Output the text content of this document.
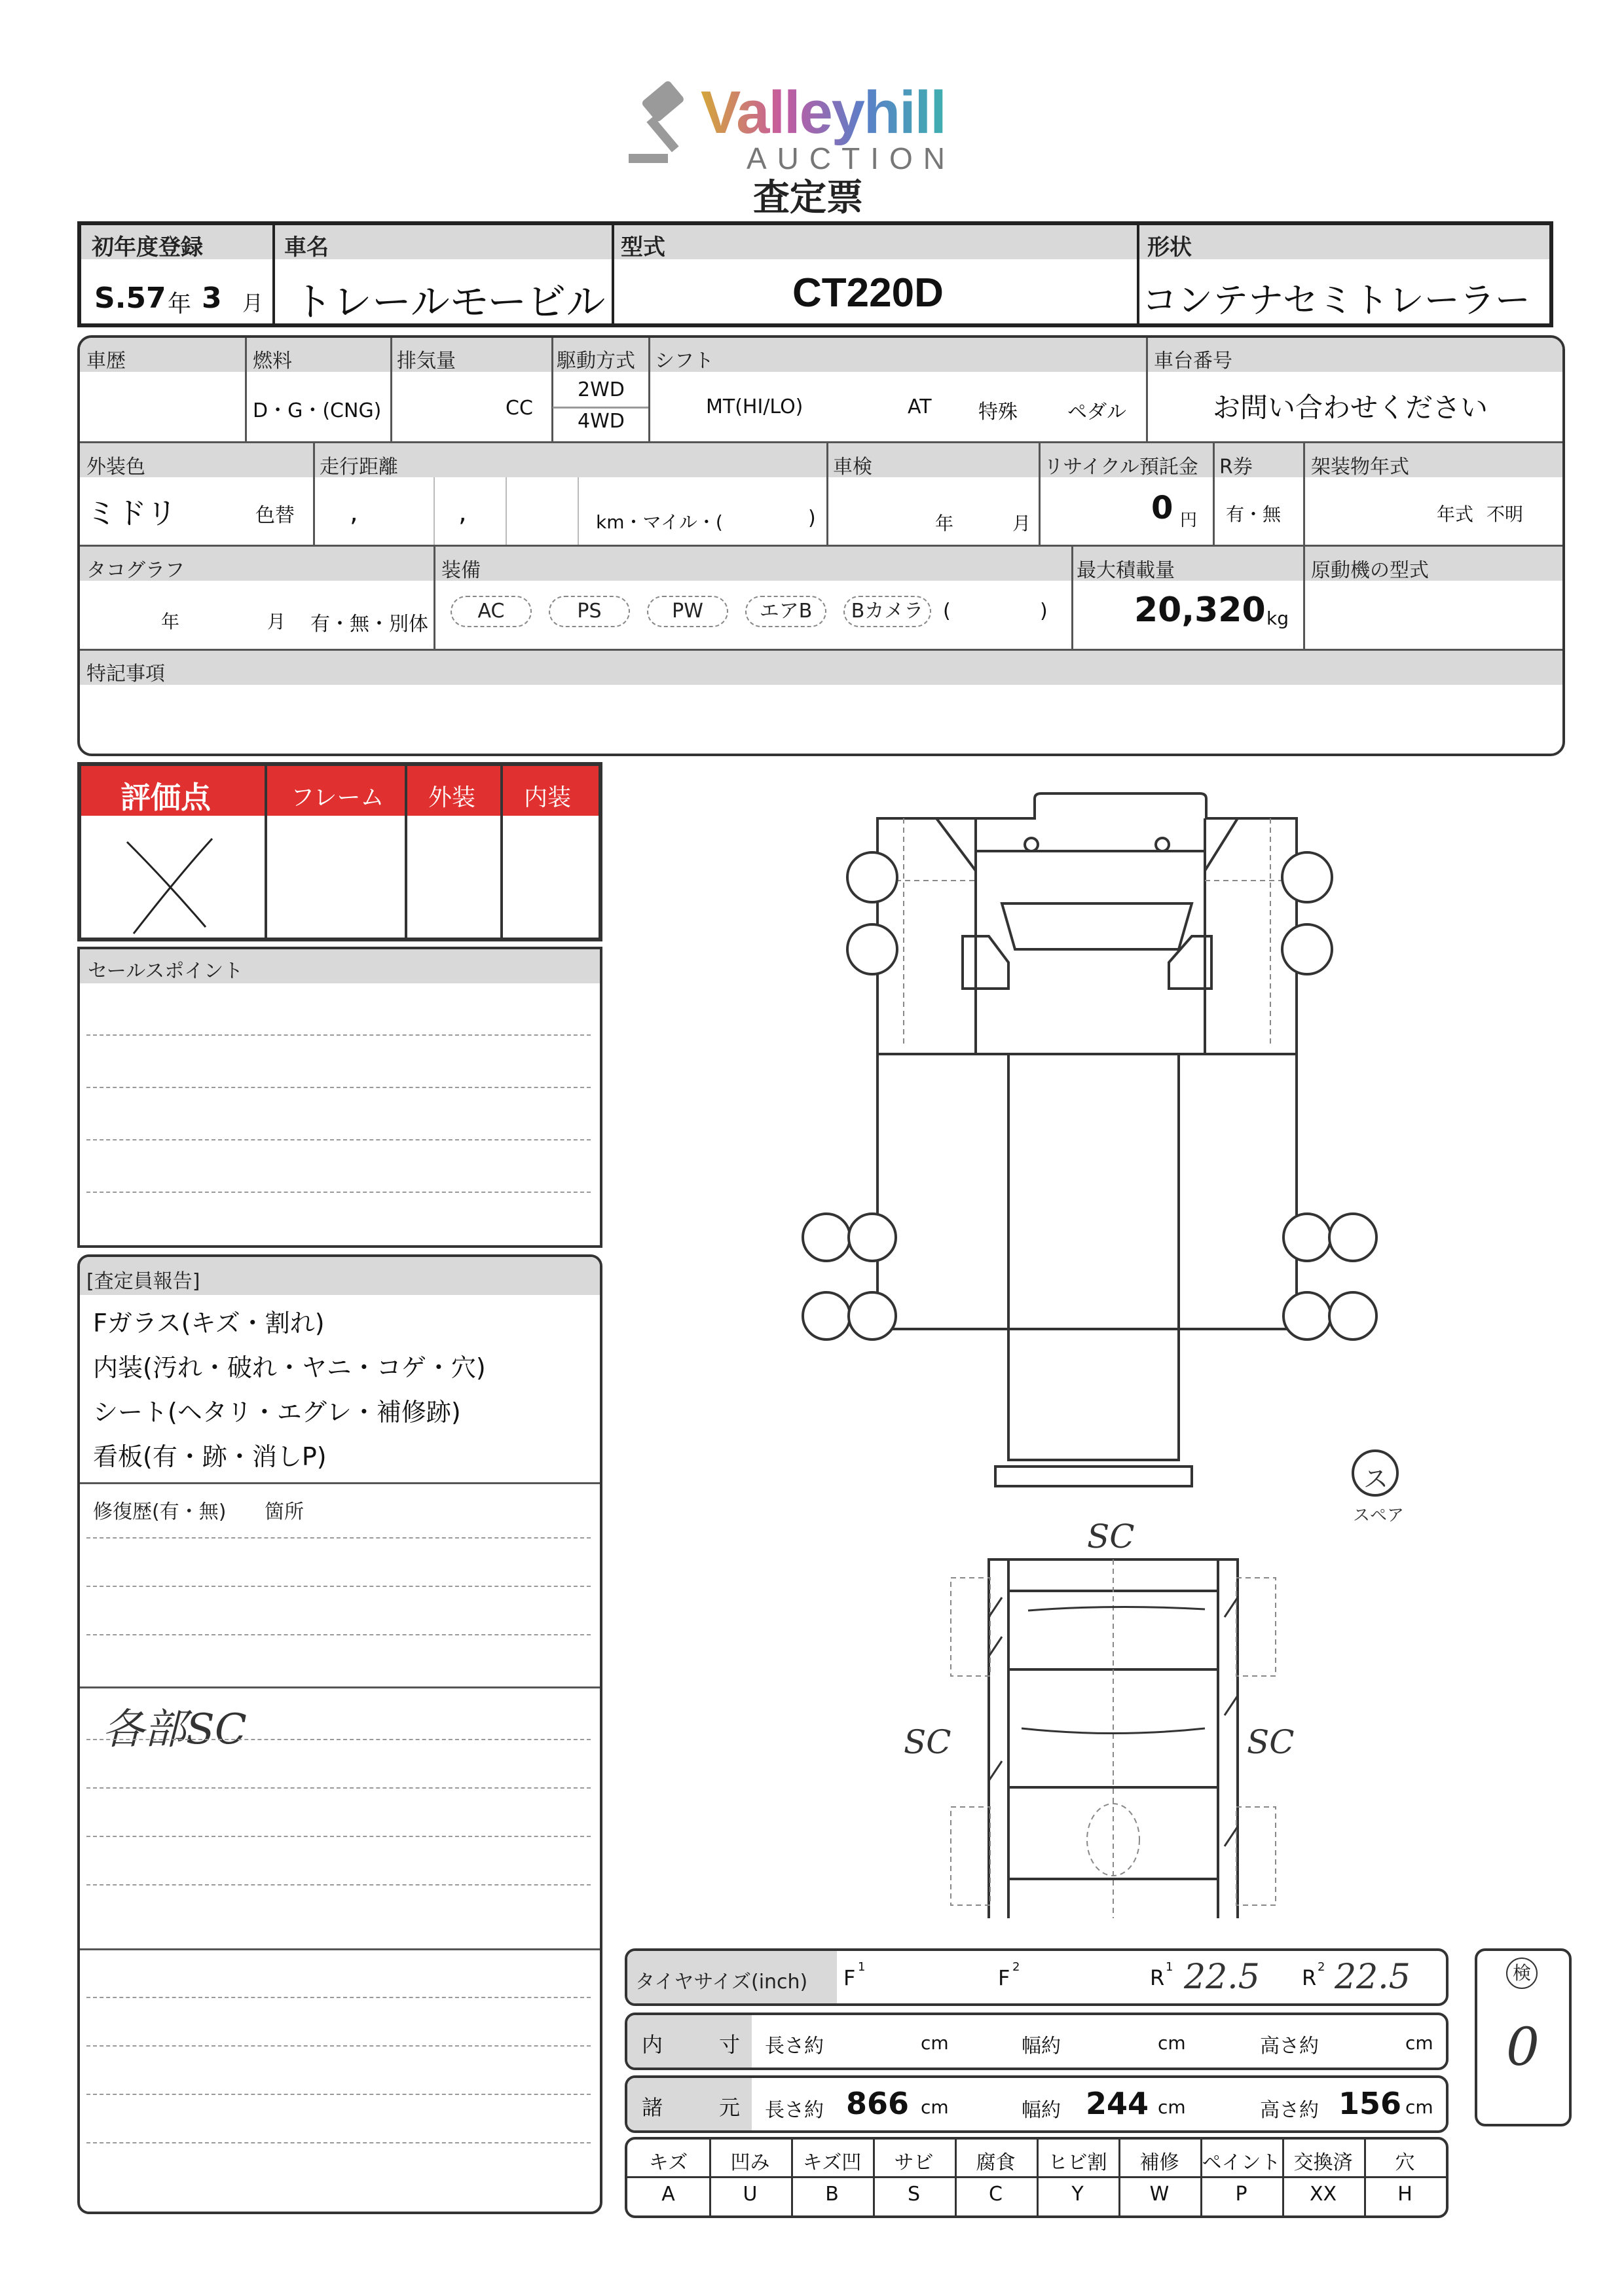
Valleyhill
AUCTION
査定票
初年度登録
S.57 年 3 月
車名
トレールモービル
型式
CT220D
形状
コンテナセミトレーラー
車歴	燃料
D・G・(CNG)
排気量
CC
駆動方式
2WD
4WD
シフト
MT(HI/LO)	AT 特殊	ペダル
車台番号
お問い合わせください
外装色
ミドリ	色替
走行距離
,	,	km・マイル・(	)
車検
年	月
リサイクル預託金
0 円
R券
有・無
架装物年式
年式 不明
タコグラフ
年	月 有・無・別体
装備
AC	PS	PW	エアB	Bカメラ (	)
最大積載量
20,320 kg
原動機の型式
特記事項
評価点	フレーム 外装 内装
セールスポイント
[査定員報告]
Fガラス(キズ・割れ)
内装(汚れ・破れ・ヤニ・コゲ・穴)
シート(ヘタリ・エグレ・補修跡)
看板(有・跡・消しP)
修復歴(有・無) 箇所
各部SC
ス
スペア
SC
SC	SC
タイヤサイズ(inch) F 1	F 2	R 1 22.5 R 2 22.5
内	寸 長さ約	cm	幅約	cm	高さ約	cm
諸	元 長さ約 866 cm	幅約 244 cm	高さ約 156 cm
キズ
A
凹み
U
キズ凹
B
サビ
S
腐食
C
ヒビ割
Y
補修
W
ペイント
P
交換済
XX
穴
H
検
0
